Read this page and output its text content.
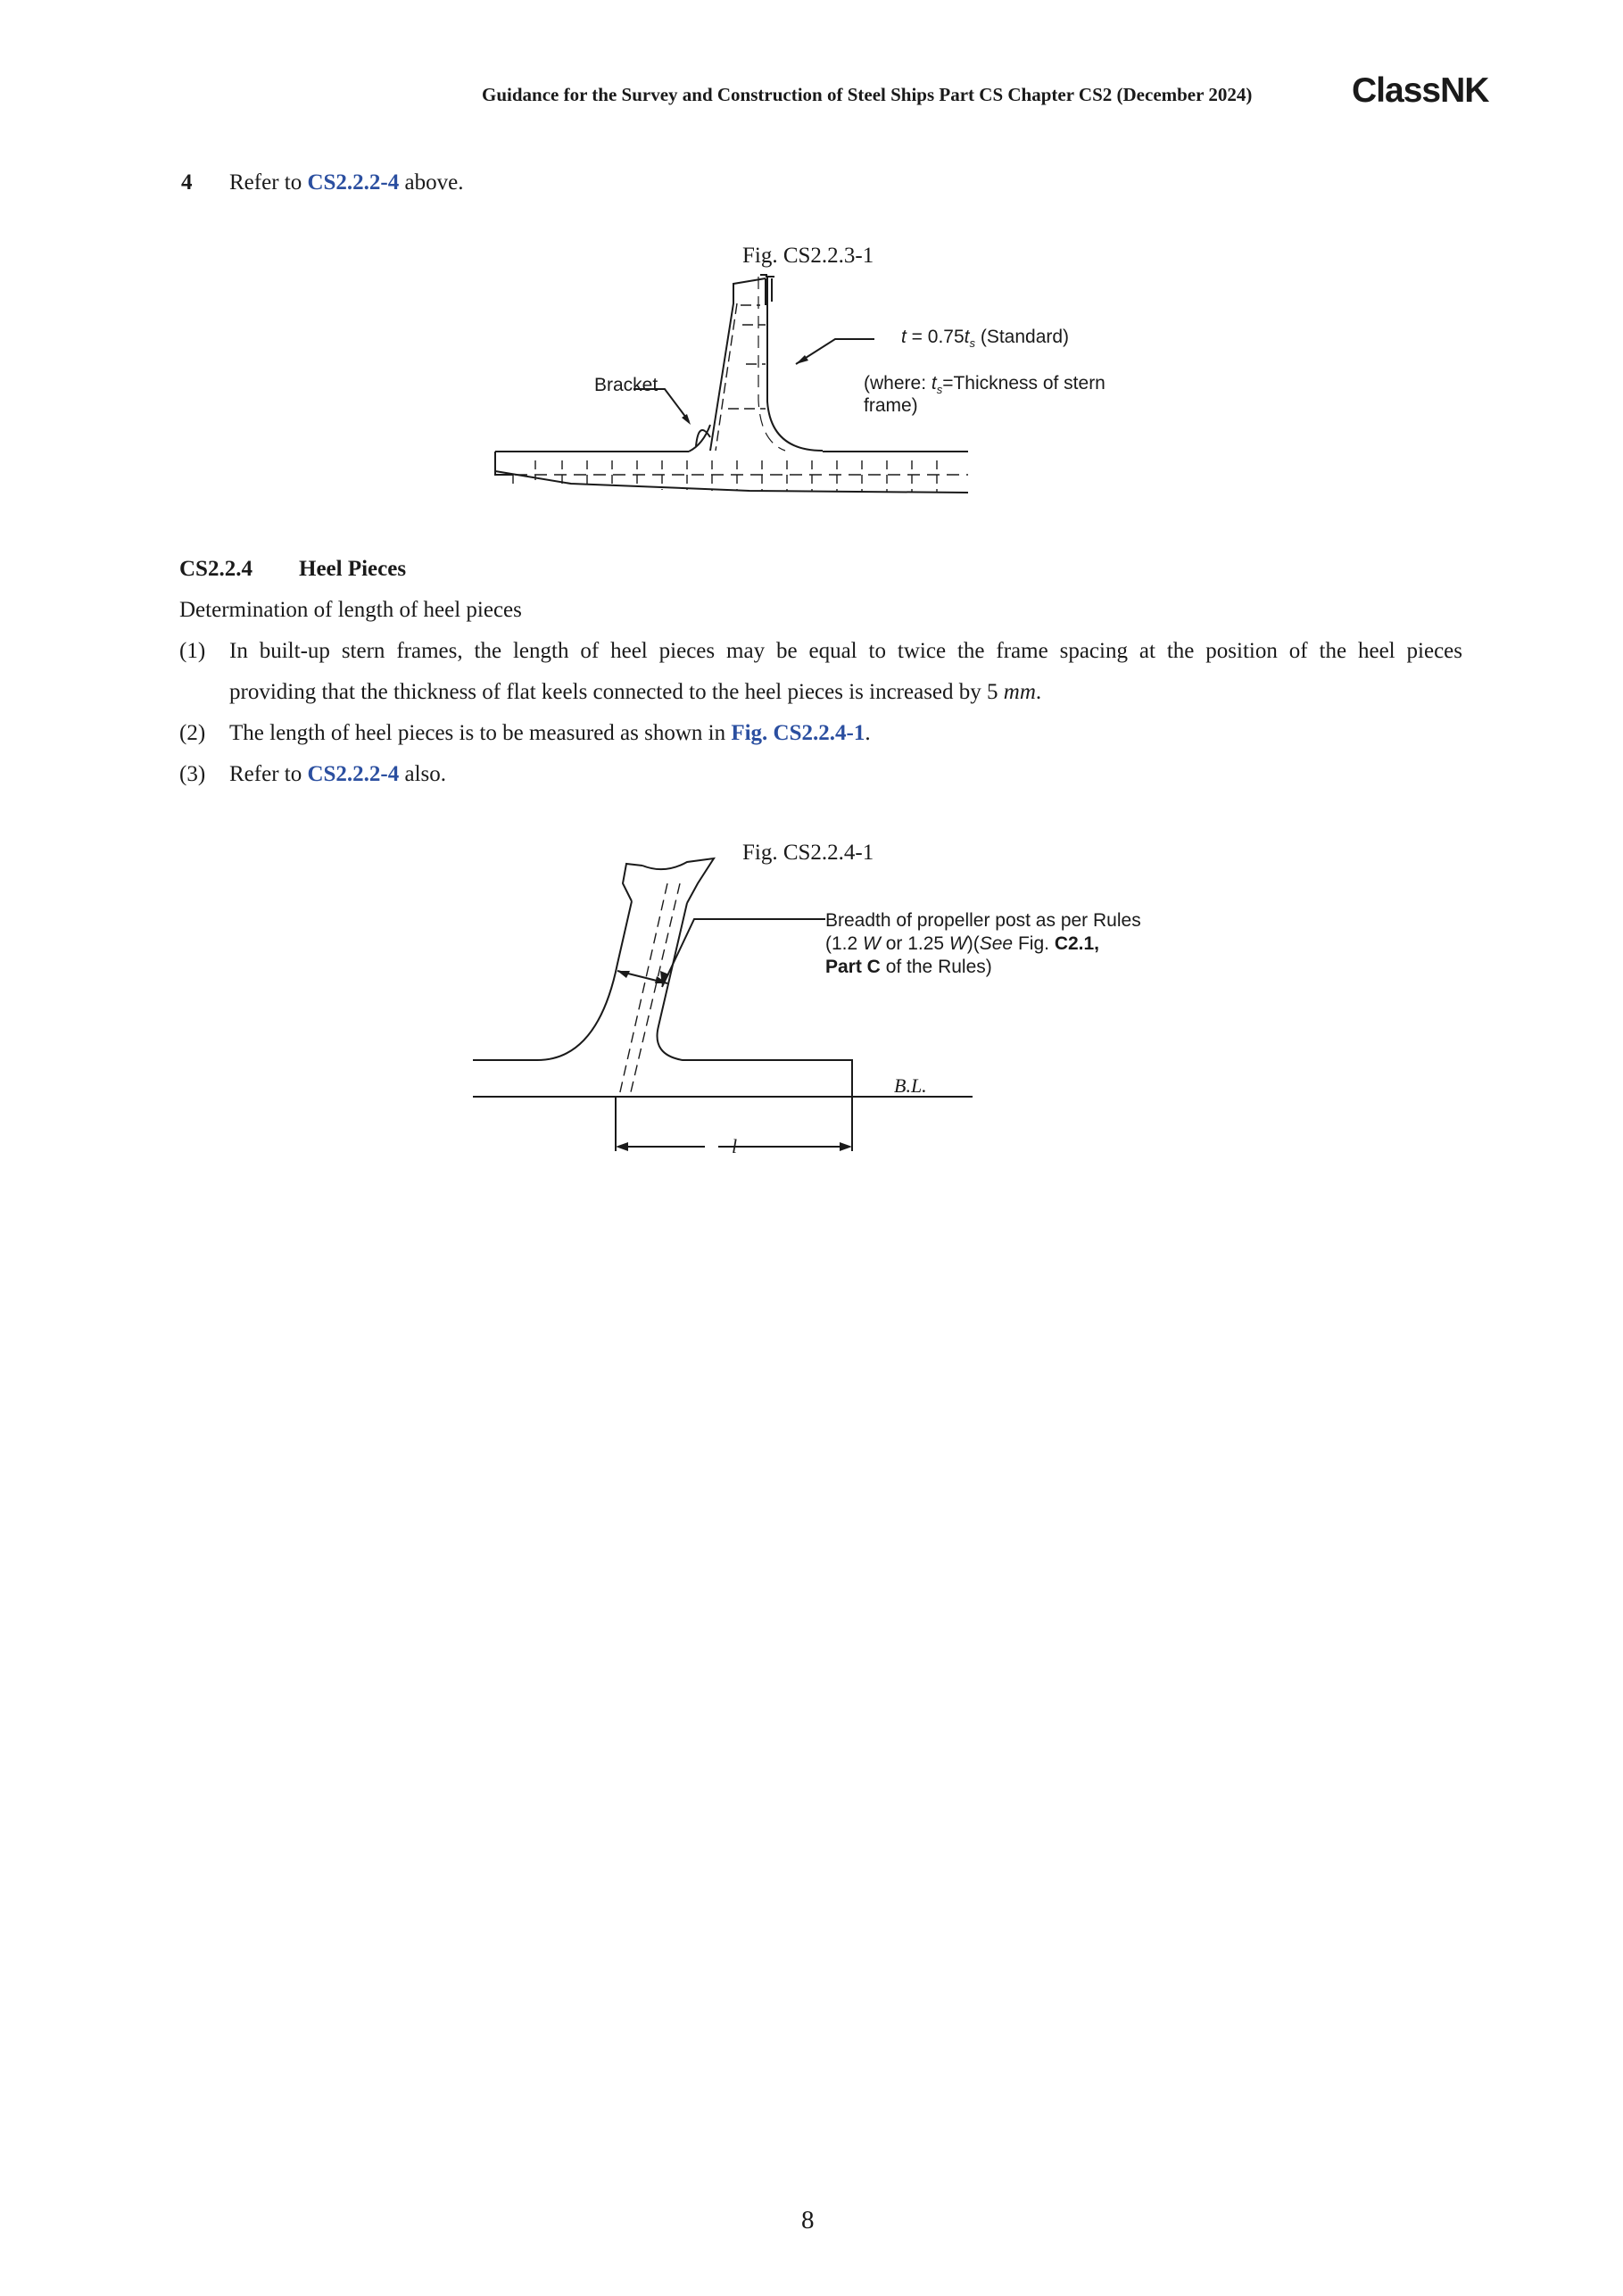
Guidance for the Survey and Construction of Steel Ships Part CS Chapter CS2 (December 2024)	ClassNK
4 Refer to CS2.2.2-4 above.
Fig. CS2.2.3-1
$t = 0.75t_s$ (Standard)
(where: $t_s=Thickness$ of stern
frame)
Bracket
CS2.2.4 Heel Pieces
Determination of length of heel pieces
(1) In built-up stern frames, the length of heel pieces may be equal to twice the frame spacing at the position of the heel pieces
providing that the thickness of flat keels connected to the heel pieces is increased by 5 mm.
(2) The length of heel pieces is to be measured as shown in Fig. CS2.2.4-1.
(3) Refer to CS2.2.2-4 also.
Fig. CS2.2.4-1
Breadth of propeller post as per Rules
(1.2 W or 1.25 W)(See Fig. C2.1,
Part C of the Rules)
B.L.
l
8
